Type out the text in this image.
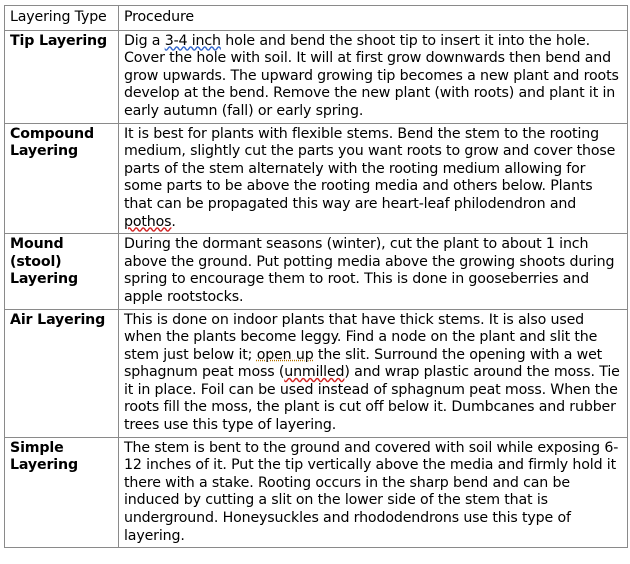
Layering Type	Procedure
Tip Layering	Dig a 3-4 inch hole and bend the shoot tip to insert it into the hole. Cover the hole with soil. It will at first grow downwards then bend and grow upwards. The upward growing tip becomes a new plant and roots develop at the bend. Remove the new plant (with roots) and plant it in early autumn (fall) or early spring.
Compound Layering	It is best for plants with flexible stems. Bend the stem to the rooting medium, slightly cut the parts you want roots to grow and cover those parts of the stem alternately with the rooting medium allowing for some parts to be above the rooting media and others below. Plants that can be propagated this way are heart-leaf philodendron and pothos.
Mound (stool) Layering	During the dormant seasons (winter), cut the plant to about 1 inch above the ground. Put potting media above the growing shoots during spring to encourage them to root. This is done in gooseberries and apple rootstocks.
Air Layering	This is done on indoor plants that have thick stems. It is also used when the plants become leggy. Find a node on the plant and slit the stem just below it; open up the slit. Surround the opening with a wet sphagnum peat moss (unmilled) and wrap plastic around the moss. Tie it in place. Foil can be used instead of sphagnum peat moss. When the roots fill the moss, the plant is cut off below it. Dumbcanes and rubber trees use this type of layering.
Simple Layering	The stem is bent to the ground and covered with soil while exposing 6-12 inches of it. Put the tip vertically above the media and firmly hold it there with a stake. Rooting occurs in the sharp bend and can be induced by cutting a slit on the lower side of the stem that is underground. Honeysuckles and rhododendrons use this type of layering.
